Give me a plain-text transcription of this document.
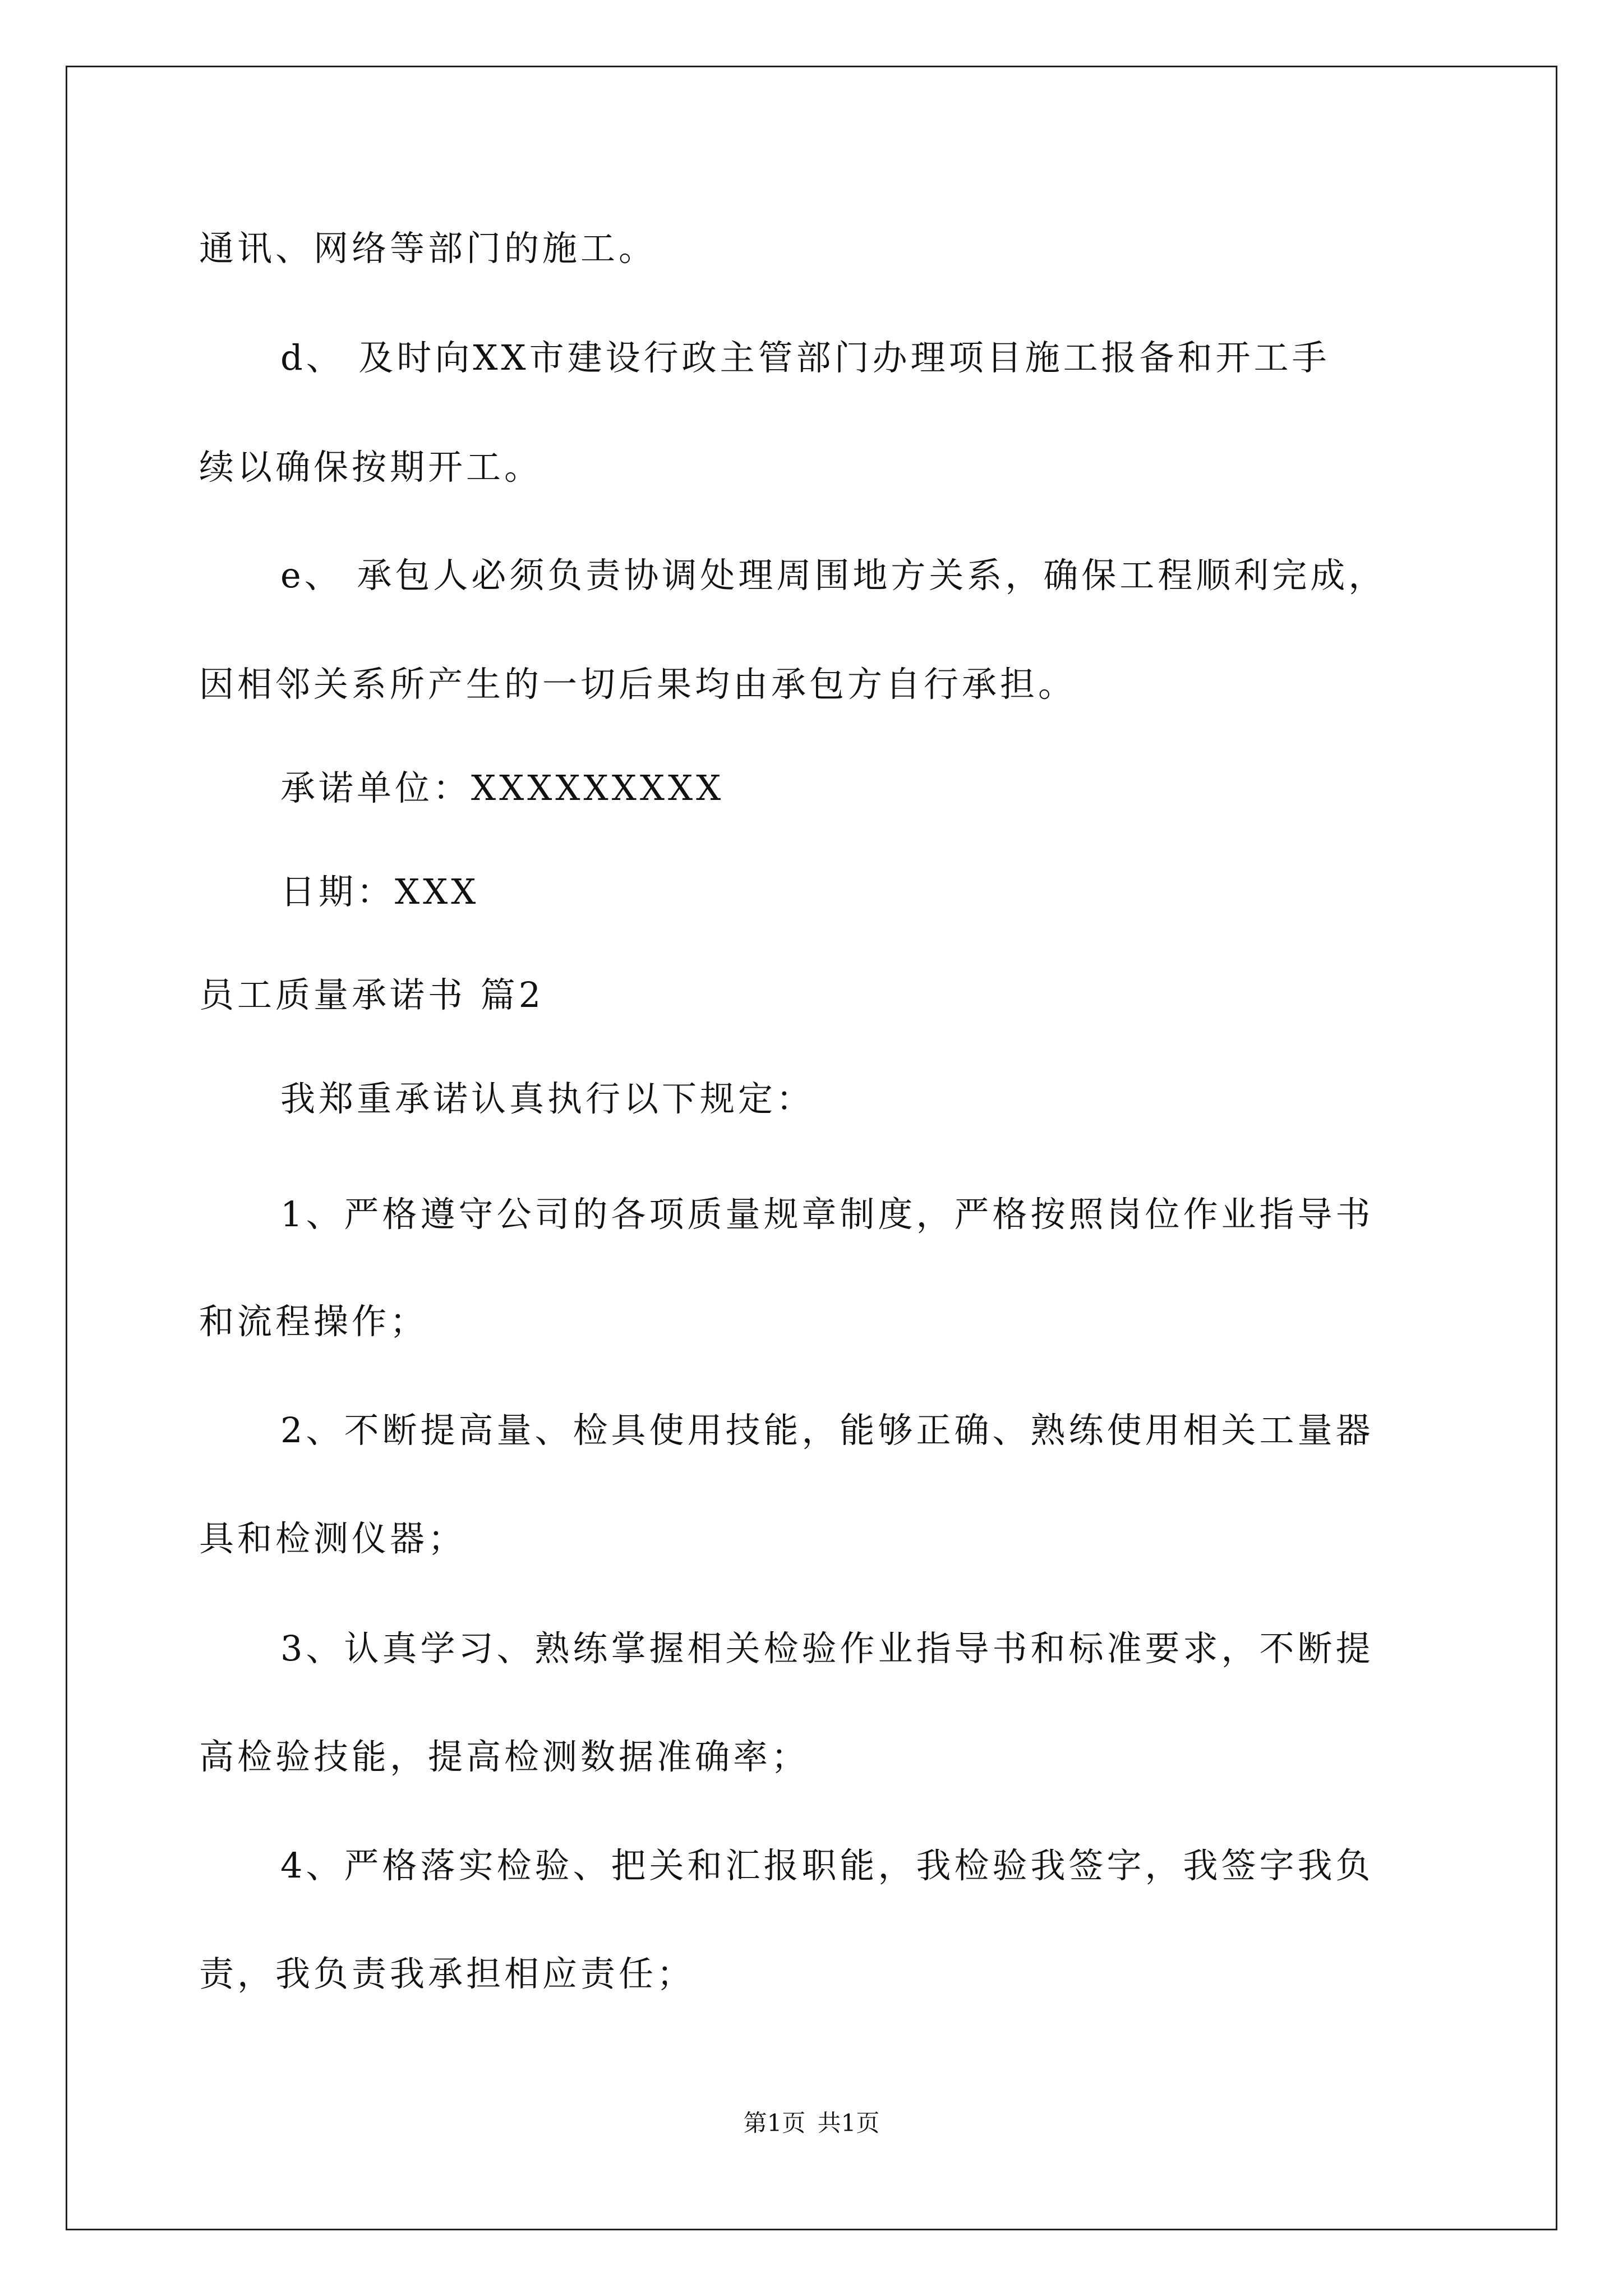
通讯、网络等部门的施工。
d、 及时向XX市建设行政主管部门办理项目施工报备和开工手
续以确保按期开工。
e、 承包人必须负责协调处理周围地方关系，确保工程顺利完成，
因相邻关系所产生的一切后果均由承包方自行承担。
承诺单位：XXXXXXXXX
日期：XXX
员工质量承诺书 篇2
我郑重承诺认真执行以下规定：
1、严格遵守公司的各项质量规章制度，严格按照岗位作业指导书
和流程操作；
2、不断提高量、检具使用技能，能够正确、熟练使用相关工量器
具和检测仪器；
3、认真学习、熟练掌握相关检验作业指导书和标准要求，不断提
高检验技能，提高检测数据准确率；
4、严格落实检验、把关和汇报职能，我检验我签字，我签字我负
责，我负责我承担相应责任；
第1页 共1页
